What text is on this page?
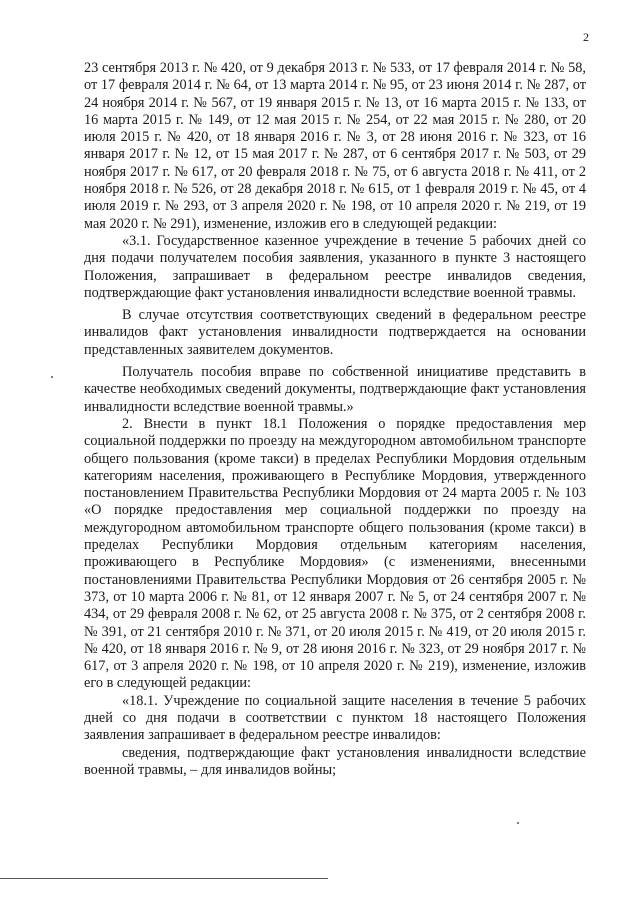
2

23 сентября 2013 г. № 420, от 9 декабря 2013 г. № 533, от 17 февраля 2014 г. № 58, от 17 февраля 2014 г. № 64, от 13 марта 2014 г. № 95, от 23 июня 2014 г. № 287, от 24 ноября 2014 г. № 567, от 19 января 2015 г. № 13, от 16 марта 2015 г. № 133, от 16 марта 2015 г. № 149, от 12 мая 2015 г. № 254, от 22 мая 2015 г. № 280, от 20 июля 2015 г. № 420, от 18 января 2016 г. № 3, от 28 июня 2016 г. № 323, от 16 января 2017 г. № 12, от 15 мая 2017 г. № 287, от 6 сентября 2017 г. № 503, от 29 ноября 2017 г. № 617, от 20 февраля 2018 г. № 75, от 6 августа 2018 г. № 411, от 2 ноября 2018 г. № 526, от 28 декабря 2018 г. № 615, от 1 февраля 2019 г. № 45, от 4 июля 2019 г. № 293, от 3 апреля 2020 г. № 198, от 10 апреля 2020 г. № 219, от 19 мая 2020 г. № 291), изменение, изложив его в следующей редакции:

«3.1. Государственное казенное учреждение в течение 5 рабочих дней со дня подачи получателем пособия заявления, указанного в пункте 3 настоящего Положения, запрашивает в федеральном реестре инвалидов сведения, подтверждающие факт установления инвалидности вследствие военной травмы.

В случае отсутствия соответствующих сведений в федеральном реестре инвалидов факт установления инвалидности подтверждается на основании представленных заявителем документов.

Получатель пособия вправе по собственной инициативе представить в качестве необходимых сведений документы, подтверждающие факт установления инвалидности вследствие военной травмы.»

2. Внести в пункт 18.1 Положения о порядке предоставления мер социальной поддержки по проезду на междугородном автомобильном транспорте общего пользования (кроме такси) в пределах Республики Мордовия отдельным категориям населения, проживающего в Республике Мордовия, утвержденного постановлением Правительства Республики Мордовия от 24 марта 2005 г. № 103 «О порядке предоставления мер социальной поддержки по проезду на междугородном автомобильном транспорте общего пользования (кроме такси) в пределах Республики Мордовия отдельным категориям населения, проживающего в Республике Мордовия» (с изменениями, внесенными постановлениями Правительства Республики Мордовия от 26 сентября 2005 г. № 373, от 10 марта 2006 г. № 81, от 12 января 2007 г. № 5, от 24 сентября 2007 г. № 434, от 29 февраля 2008 г. № 62, от 25 августа 2008 г. № 375, от 2 сентября 2008 г. № 391, от 21 сентября 2010 г. № 371, от 20 июля 2015 г. № 419, от 20 июля 2015 г. № 420, от 18 января 2016 г. № 9, от 28 июня 2016 г. № 323, от 29 ноября 2017 г. № 617, от 3 апреля 2020 г. № 198, от 10 апреля 2020 г. № 219), изменение, изложив его в следующей редакции:

«18.1. Учреждение по социальной защите населения в течение 5 рабочих дней со дня подачи в соответствии с пунктом 18 настоящего Положения заявления запрашивает в федеральном реестре инвалидов:

сведения, подтверждающие факт установления инвалидности вследствие военной травмы, – для инвалидов войны;
